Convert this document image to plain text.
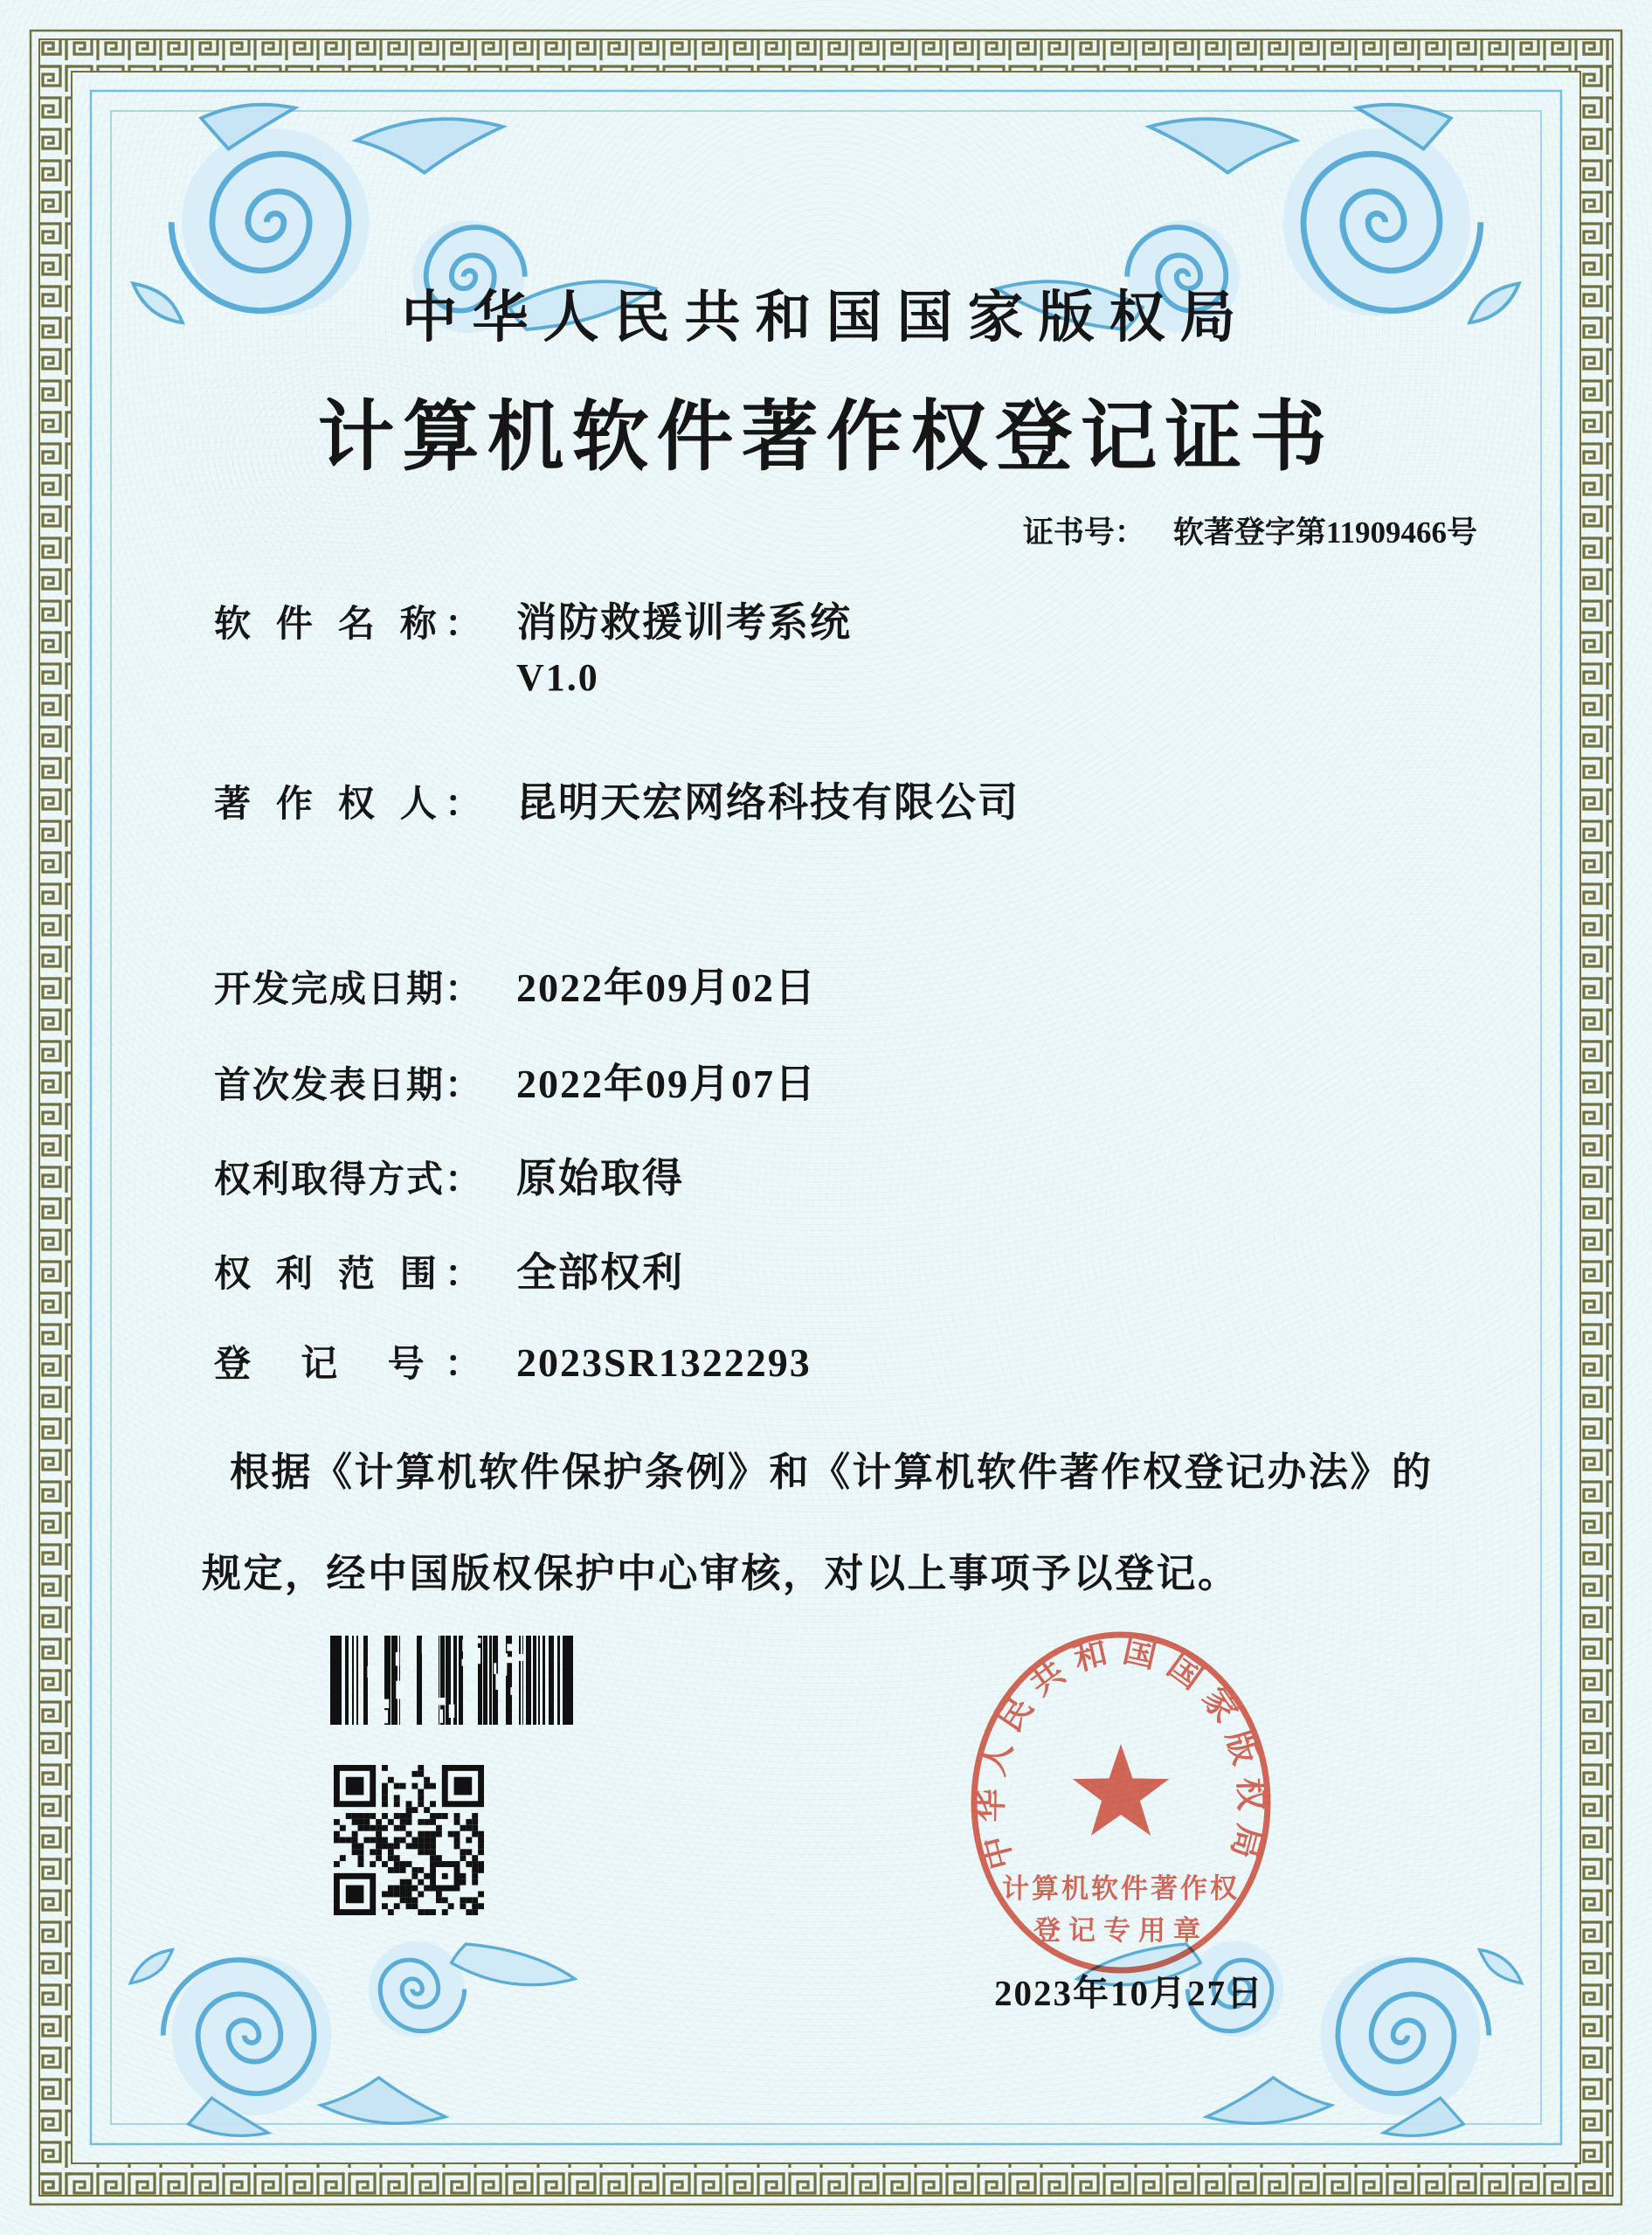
中华人民共和国国家版权局
计算机软件著作权登记证书
证书号： 软著登字第11909466号
软 件 名 称： 消防救援训考系统
V1.0
著 作 权 人： 昆明天宏网络科技有限公司
开发完成日期： 2022年09月02日
首次发表日期： 2022年09月07日
权利取得方式： 原始取得
权 利 范 围： 全部权利
登 记 号： 2023SR1322293
根据《计算机软件保护条例》和《计算机软件著作权登记办法》的
规定，经中国版权保护中心审核，对以上事项予以登记。
中华人民共和国国家版权局
计算机软件著作权
登记专用章
2023年10月27日
